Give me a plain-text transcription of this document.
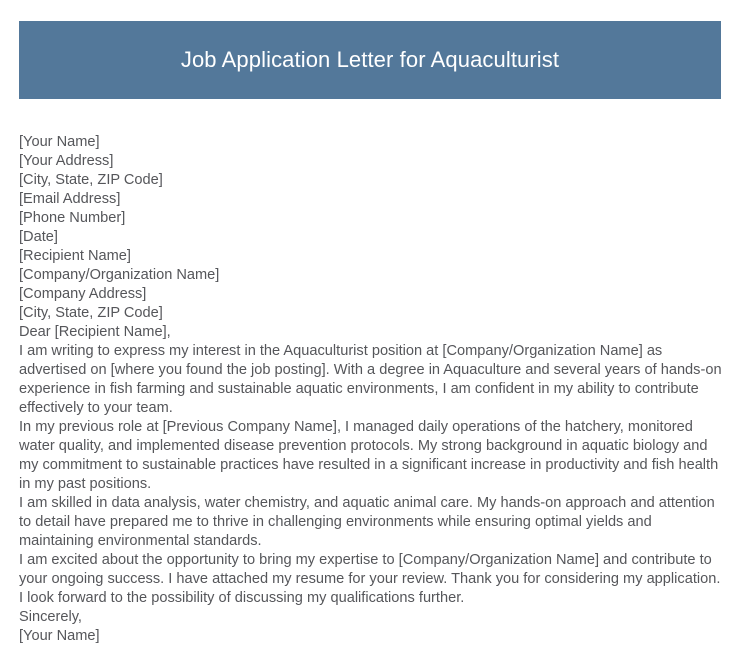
Job Application Letter for Aquaculturist
[Your Name]
[Your Address]
[City, State, ZIP Code]
[Email Address]
[Phone Number]
[Date]
[Recipient Name]
[Company/Organization Name]
[Company Address]
[City, State, ZIP Code]
Dear [Recipient Name],

I am writing to express my interest in the Aquaculturist position at [Company/Organization Name] as advertised on [where you found the job posting]. With a degree in Aquaculture and several years of hands-on experience in fish farming and sustainable aquatic environments, I am confident in my ability to contribute effectively to your team.

In my previous role at [Previous Company Name], I managed daily operations of the hatchery, monitored water quality, and implemented disease prevention protocols. My strong background in aquatic biology and my commitment to sustainable practices have resulted in a significant increase in productivity and fish health in my past positions.

I am skilled in data analysis, water chemistry, and aquatic animal care. My hands-on approach and attention to detail have prepared me to thrive in challenging environments while ensuring optimal yields and maintaining environmental standards.

I am excited about the opportunity to bring my expertise to [Company/Organization Name] and contribute to your ongoing success. I have attached my resume for your review. Thank you for considering my application. I look forward to the possibility of discussing my qualifications further.

Sincerely,
[Your Name]
